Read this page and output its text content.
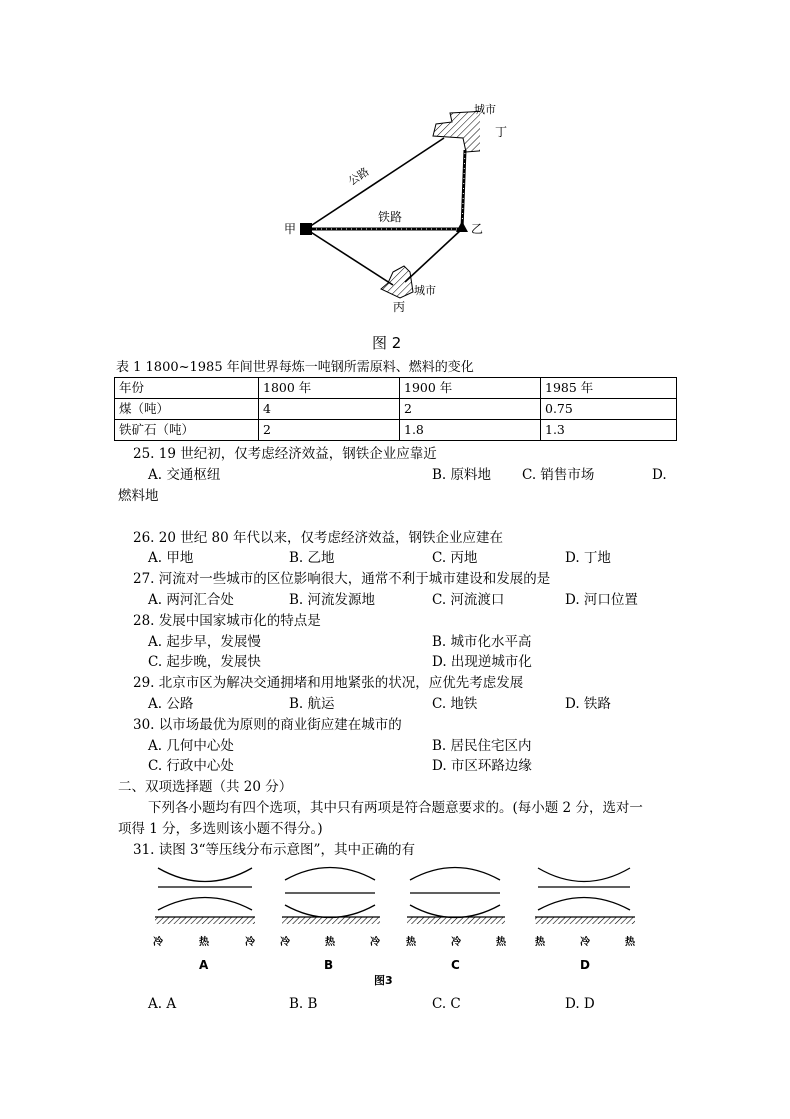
城市
丁
甲	乙
铁路
公路
城市
丙
图 2
表 1 1800~1985 年间世界每炼一吨钢所需原料、燃料的变化
年份	1800 年	1900 年	1985 年
煤（吨）	4	2	0.75
铁矿石（吨）	2	1.8	1.3
25. 19 世纪初，仅考虑经济效益，钢铁企业应靠近
A. 交通枢纽	B. 原料地 C. 销售市场	D.
燃料地
26. 20 世纪 80 年代以来，仅考虑经济效益，钢铁企业应建在
A. 甲地	B. 乙地	C. 丙地	D. 丁地
27. 河流对一些城市的区位影响很大，通常不利于城市建设和发展的是
A. 两河汇合处	B. 河流发源地	C. 河流渡口	D. 河口位置
28. 发展中国家城市化的特点是
A. 起步早，发展慢	B. 城市化水平高
C. 起步晚，发展快	D. 出现逆城市化
29. 北京市区为解决交通拥堵和用地紧张的状况，应优先考虑发展
A. 公路	B. 航运	C. 地铁	D. 铁路
30. 以市场最优为原则的商业街应建在城市的
A. 几何中心处	B. 居民住宅区内
C. 行政中心处	D. 市区环路边缘
二、双项选择题（共 20 分）
下列各小题均有四个选项，其中只有两项是符合题意要求的。(每小题 2 分，选对一
项得 1 分，多选则该小题不得分。)
31. 读图 3“等压线分布示意图”，其中正确的有
冷	热	冷	冷	热	冷	热	冷	热	热	冷	热
A	B	C	D
图3
A. A	B. B	C. C	D. D
